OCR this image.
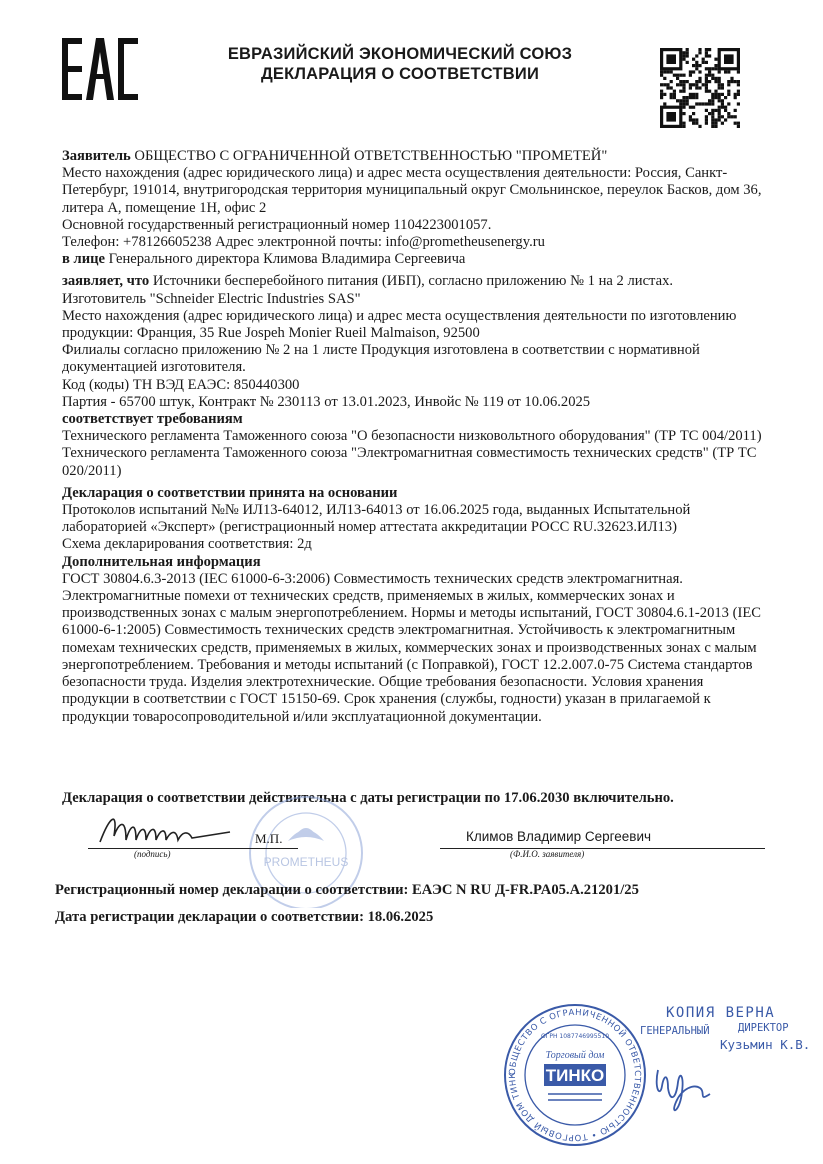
ЕВРАЗИЙСКИЙ ЭКОНОМИЧЕСКИЙ СОЮЗ
ДЕКЛАРАЦИЯ О СООТВЕТСТВИИ

Заявитель ОБЩЕСТВО С ОГРАНИЧЕННОЙ ОТВЕТСТВЕННОСТЬЮ "ПРОМЕТЕЙ"

Место нахождения (адрес юридического лица) и адрес места осуществления деятельности: Россия, Санкт-Петербург, 191014, внутригородская территория муниципальный округ Смольнинское, переулок Басков, дом 36, литера А, помещение 1Н, офис 2

Основной государственный регистрационный номер 1104223001057.

Телефон: +78126605238 Адрес электронной почты: info@prometheusenergy.ru

в лице Генерального директора Климова Владимира Сергеевича

заявляет, что Источники бесперебойного питания (ИБП), согласно приложению № 1 на 2 листах.

Изготовитель "Schneider Electric Industries SAS"

Место нахождения (адрес юридического лица) и адрес места осуществления деятельности по изготовлению продукции: Франция, 35 Rue Jospeh Monier Rueil Malmaison, 92500

Филиалы согласно приложению № 2 на 1 листе Продукция изготовлена в соответствии с нормативной документацией изготовителя.

Код (коды) ТН ВЭД ЕАЭС: 850440300

Партия - 65700 штук, Контракт № 230113 от 13.01.2023, Инвойс № 119 от 10.06.2025

соответствует требованиям

Технического регламента Таможенного союза "О безопасности низковольтного оборудования" (ТР ТС 004/2011)

Технического регламента Таможенного союза "Электромагнитная совместимость технических средств" (ТР ТС 020/2011)

Декларация о соответствии принята на основании

Протоколов испытаний №№ ИЛ13-64012, ИЛ13-64013 от 16.06.2025 года, выданных Испытательной лабораторией «Эксперт» (регистрационный номер аттестата аккредитации РОСС RU.32623.ИЛ13)

Схема декларирования соответствия: 2д

Дополнительная информация

ГОСТ 30804.6.3-2013 (IEC 61000-6-3:2006) Совместимость технических средств электромагнитная. Электромагнитные помехи от технических средств, применяемых в жилых, коммерческих зонах и производственных зонах с малым энергопотреблением. Нормы и методы испытаний, ГОСТ 30804.6.1-2013 (IEC 61000-6-1:2005) Совместимость технических средств электромагнитная. Устойчивость к электромагнитным помехам технических средств, применяемых в жилых, коммерческих зонах и производственных зонах с малым энергопотреблением. Требования и методы испытаний (с Поправкой), ГОСТ 12.2.007.0-75 Система стандартов безопасности труда. Изделия электротехнические. Общие требования безопасности. Условия хранения продукции в соответствии с ГОСТ 15150-69. Срок хранения (службы, годности) указан в прилагаемой к продукции товаросопроводительной и/или эксплуатационной документации.

Декларация о соответствии действительна с даты регистрации по 17.06.2030 включительно.
PROMETHEUS
М.П.	Климов Владимир Сергеевич
(подпись)	(Ф.И.О. заявителя)
Регистрационный номер декларации о соответствии: ЕАЭС N RU Д-FR.PA05.A.21201/25
Дата регистрации декларации о соответствии: 18.06.2025
ОБЩЕСТВО С ОГРАНИЧЕННОЙ ОТВЕТСТВЕННОСТЬЮ • ТОРГОВЫЙ ДОМ ТИНК
ОГРН 1087746995510
Торговый дом
ТИНКО
КОПИЯ ВЕРНА
ГЕНЕРАЛЬНЫЙ	ДИРЕКТОР
Кузьмин К.В.
